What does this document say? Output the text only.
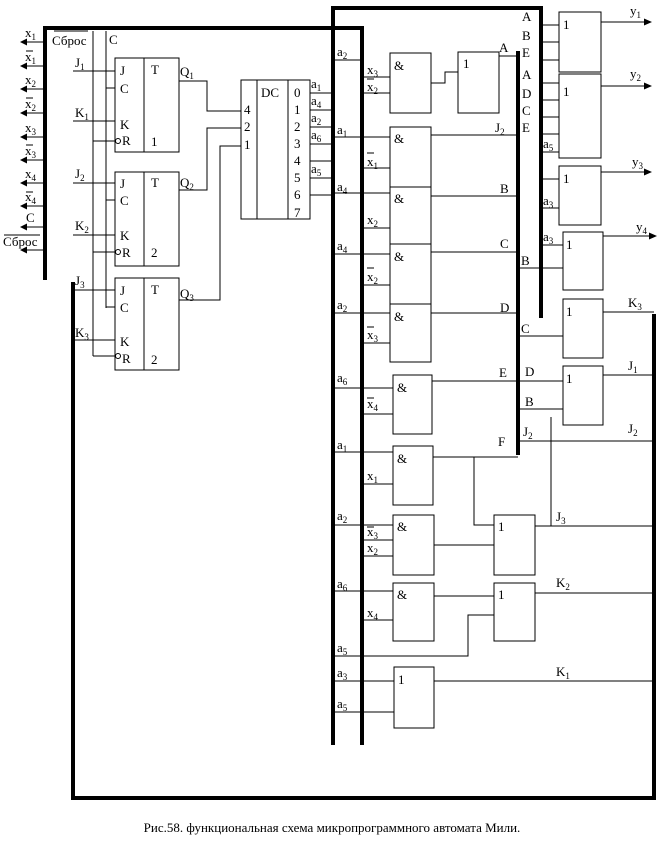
$x_1$
$x_1$
$x_2$
$x_2$
$x_3$
$x_3$
$x_4$
$x_4$
C
Сброс
Сброс C
J
C
K
R
T
1
$J_1$
$K_1$
$Q_1$
J
C
K
R
T
2
$J_2$
$K_2$
$Q_2$
J
C
K
R
T
2
$J_3$
$K_3$
$Q_3$
DC
4
2
1
0
1
2
3
4
5
6
7
$a_1$
$a_4$
$a_2$
$a_6$
$a_5$
&
$x_3$
$x_2$
$a_2$
&
$a_1$
$x_1$
$J_2$
&
$a_4$
$x_2$
B
&
$a_4$
$x_2$
C
&
$a_2$
$x_3$
D
&
$a_6$
$x_4$
E
&
$a_1$
$x_1$
F
&
$a_2$
$x_3$
$x_2$
&
$a_6$
$x_4$
$a_5$
1
A
1
$J_3$
1
$K_2$
1
$a_3$
$a_5$
$K_1$
1
A
B
E
$y_1$
1
A
D
C
E
$a_5$
$y_2$
1
$a_3$
$y_3$
1
$a_3$
B
$y_4$
1
C
$K_3$
1
D
B
$J_1$
$J_2$	$J_2$
Рис.58. функциональная схема микропрограммного автомата Мили.
